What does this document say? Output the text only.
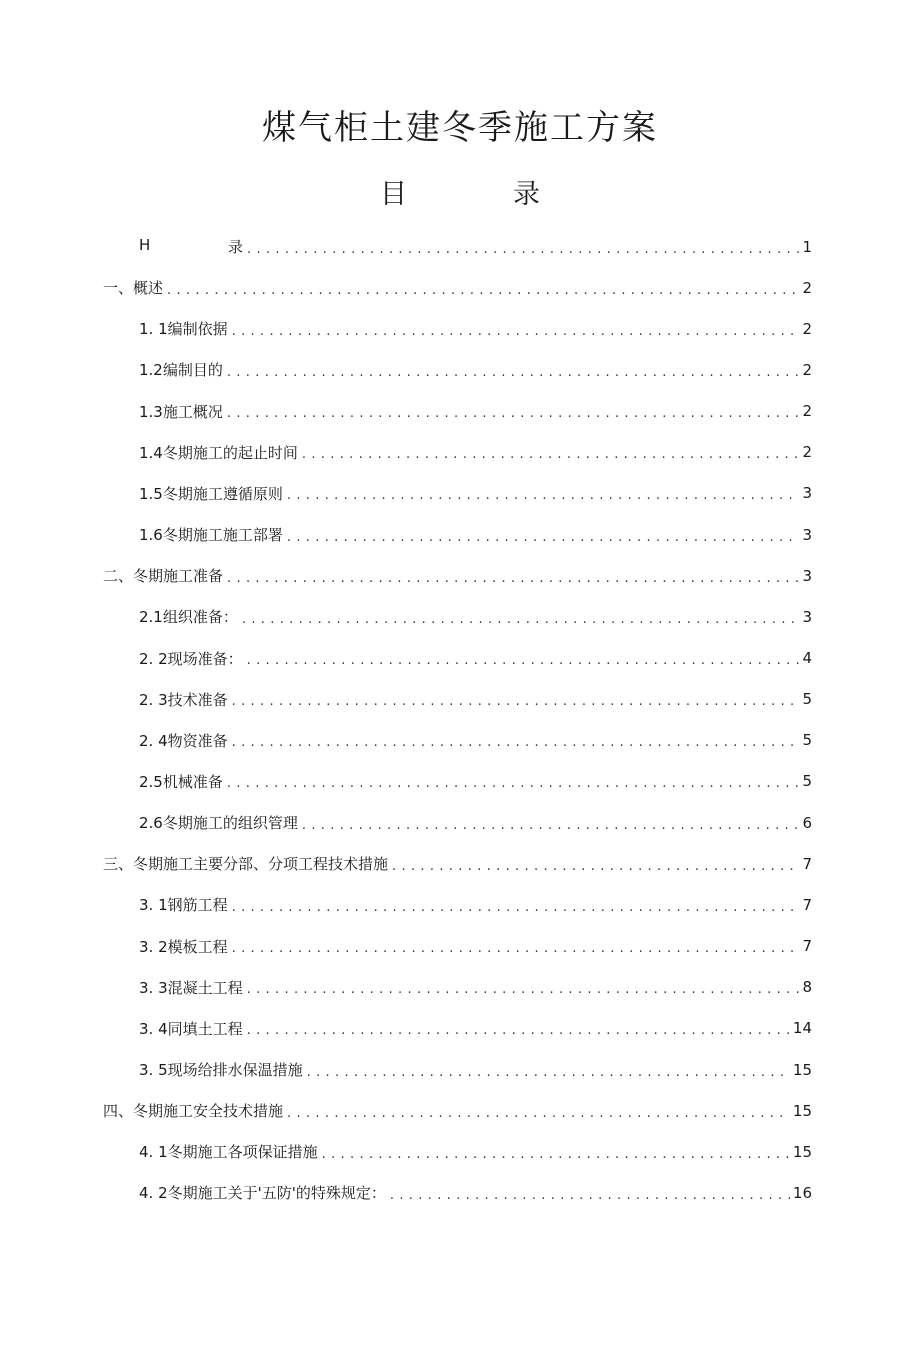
煤气柜土建冬季施工方案
目	录
H	录 . . .	1
一、概述 . . .	2
1. 1编制依据 . . .	2
1.2编制目的 . . .	2
1.3施工概况 . . .	2
1.4冬期施工的起止时间 . . .	2
1.5冬期施工遵循原则 . . .	3
1.6冬期施工施工部署 . . .	3
二、冬期施工准备 . . .	3
2.1组织准备： . . .	3
2. 2现场准备： . . .	4
2. 3技术准备 . . .	5
2. 4物资准备 . . .	5
2.5机械准备 . . .	5
2.6冬期施工的组织管理 . . .	6
三、冬期施工主要分部、分项工程技术措施 . . .	7
3. 1钢筋工程 . . .	7
3. 2模板工程 . . .	7
3. 3混凝土工程 . . .	8
3. 4同填土工程 . . .	14
3. 5现场给排水保温措施 . . .	15
四、冬期施工安全技术措施 . . .	15
4. 1冬期施工各项保证措施 . . .	15
4. 2冬期施工关于'五防'的特殊规定： . . .	16
